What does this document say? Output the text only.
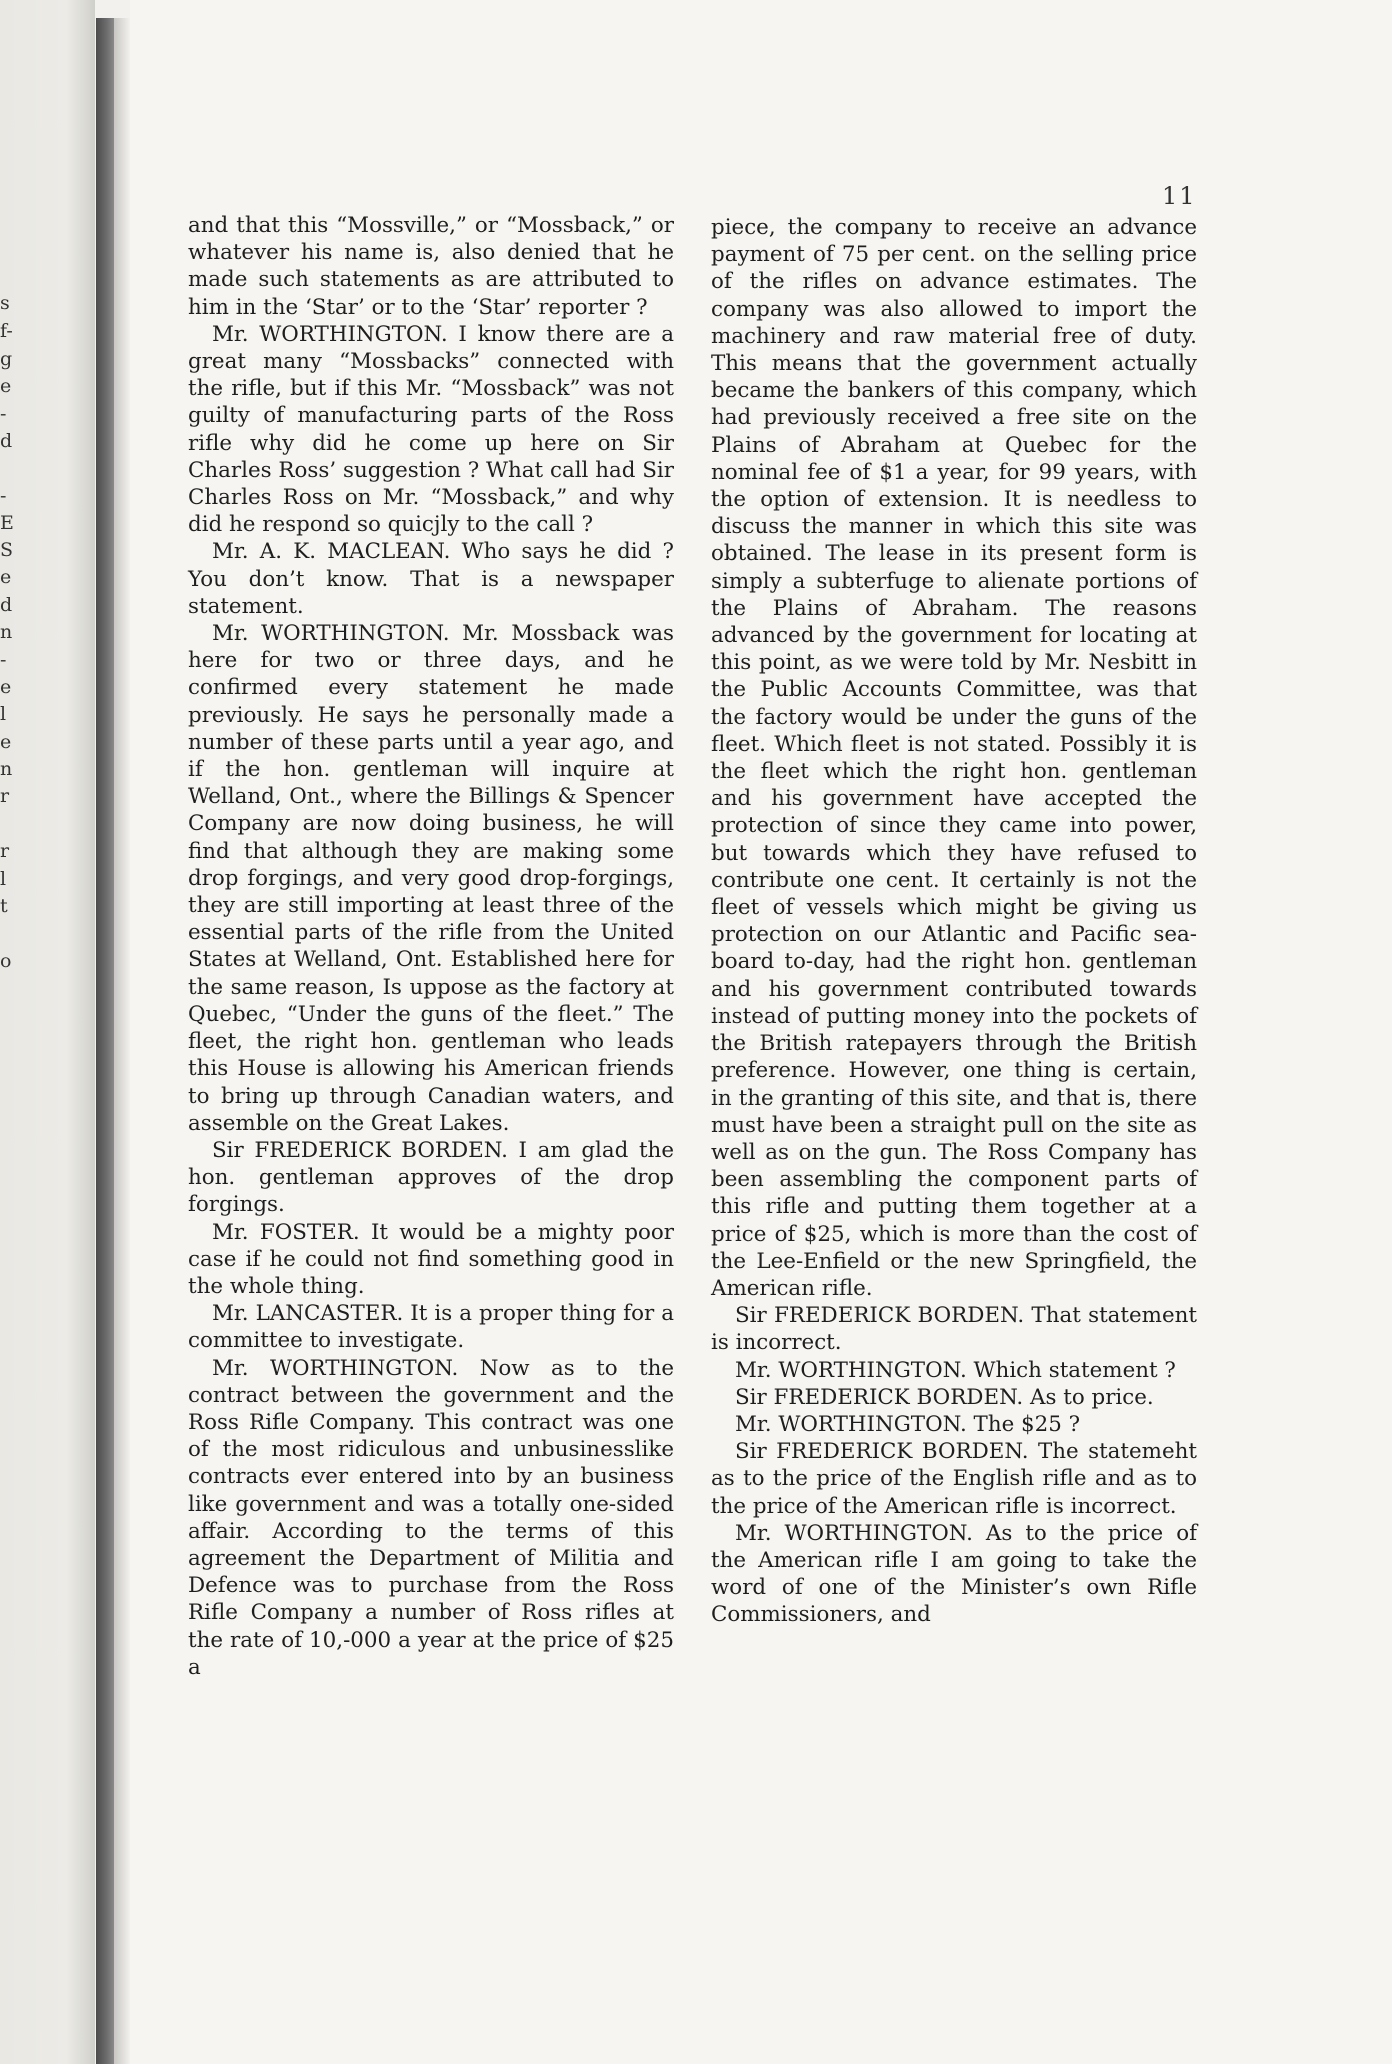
s
f-
g
e
-
d
-
E
S
e
d
n
-
e
l
e
n
r
r
l
t
o
11

and that this “Mossville,” or “Mossback,” or whatever his name is, also denied that he made such statements as are attributed to him in the ‘Star’ or to the ‘Star’ reporter ?

Mr. WORTHINGTON. I know there are a great many “Mossbacks” connected with the rifle, but if this Mr. “Mossback” was not guilty of manufacturing parts of the Ross rifle why did he come up here on Sir Charles Ross’ suggestion ? What call had Sir Charles Ross on Mr. “Mossback,” and why did he respond so quicjly to the call ?

Mr. A. K. MACLEAN. Who says he did ? You don’t know. That is a newspaper statement.

Mr. WORTHINGTON. Mr. Mossback was here for two or three days, and he confirmed every statement he made previously. He says he personally made a number of these parts until a year ago, and if the hon. gentleman will inquire at Welland, Ont., where the Billings & Spencer Company are now doing business, he will find that although they are making some drop forgings, and very good drop-forgings, they are still importing at least three of the essential parts of the rifle from the United States at Welland, Ont. Established here for the same reason, Is uppose as the factory at Quebec, “Under the guns of the fleet.” The fleet, the right hon. gentleman who leads this House is allowing his American friends to bring up through Canadian waters, and assemble on the Great Lakes.

Sir FREDERICK BORDEN. I am glad the hon. gentleman approves of the drop forgings.

Mr. FOSTER. It would be a mighty poor case if he could not find something good in the whole thing.

Mr. LANCASTER. It is a proper thing for a committee to investigate.

Mr. WORTHINGTON. Now as to the contract between the government and the Ross Rifle Company. This contract was one of the most ridiculous and unbusinesslike contracts ever entered into by an business like government and was a totally one-sided affair. According to the terms of this agreement the Department of Militia and Defence was to purchase from the Ross Rifle Company a number of Ross rifles at the rate of 10,-000 a year at the price of $25 a

piece, the company to receive an advance payment of 75 per cent. on the selling price of the rifles on advance estimates. The company was also allowed to import the machinery and raw material free of duty. This means that the government actually became the bankers of this company, which had previously received a free site on the Plains of Abraham at Quebec for the nominal fee of $1 a year, for 99 years, with the option of extension. It is needless to discuss the manner in which this site was obtained. The lease in its present form is simply a subterfuge to alienate portions of the Plains of Abraham. The reasons advanced by the government for locating at this point, as we were told by Mr. Nesbitt in the Public Accounts Committee, was that the factory would be under the guns of the fleet. Which fleet is not stated. Possibly it is the fleet which the right hon. gentleman and his government have accepted the protection of since they came into power, but towards which they have refused to contribute one cent. It certainly is not the fleet of vessels which might be giving us protection on our Atlantic and Pacific sea-board to-day, had the right hon. gentleman and his government contributed towards instead of putting money into the pockets of the British ratepayers through the British preference. However, one thing is certain, in the granting of this site, and that is, there must have been a straight pull on the site as well as on the gun. The Ross Company has been assembling the component parts of this rifle and putting them together at a price of $25, which is more than the cost of the Lee-Enfield or the new Springfield, the American rifle.

Sir FREDERICK BORDEN. That statement is incorrect.

Mr. WORTHINGTON. Which statement ?

Sir FREDERICK BORDEN. As to price.

Mr. WORTHINGTON. The $25 ?

Sir FREDERICK BORDEN. The statemeht as to the price of the English rifle and as to the price of the American rifle is incorrect.

Mr. WORTHINGTON. As to the price of the American rifle I am going to take the word of one of the Minister’s own Rifle Commissioners, and
